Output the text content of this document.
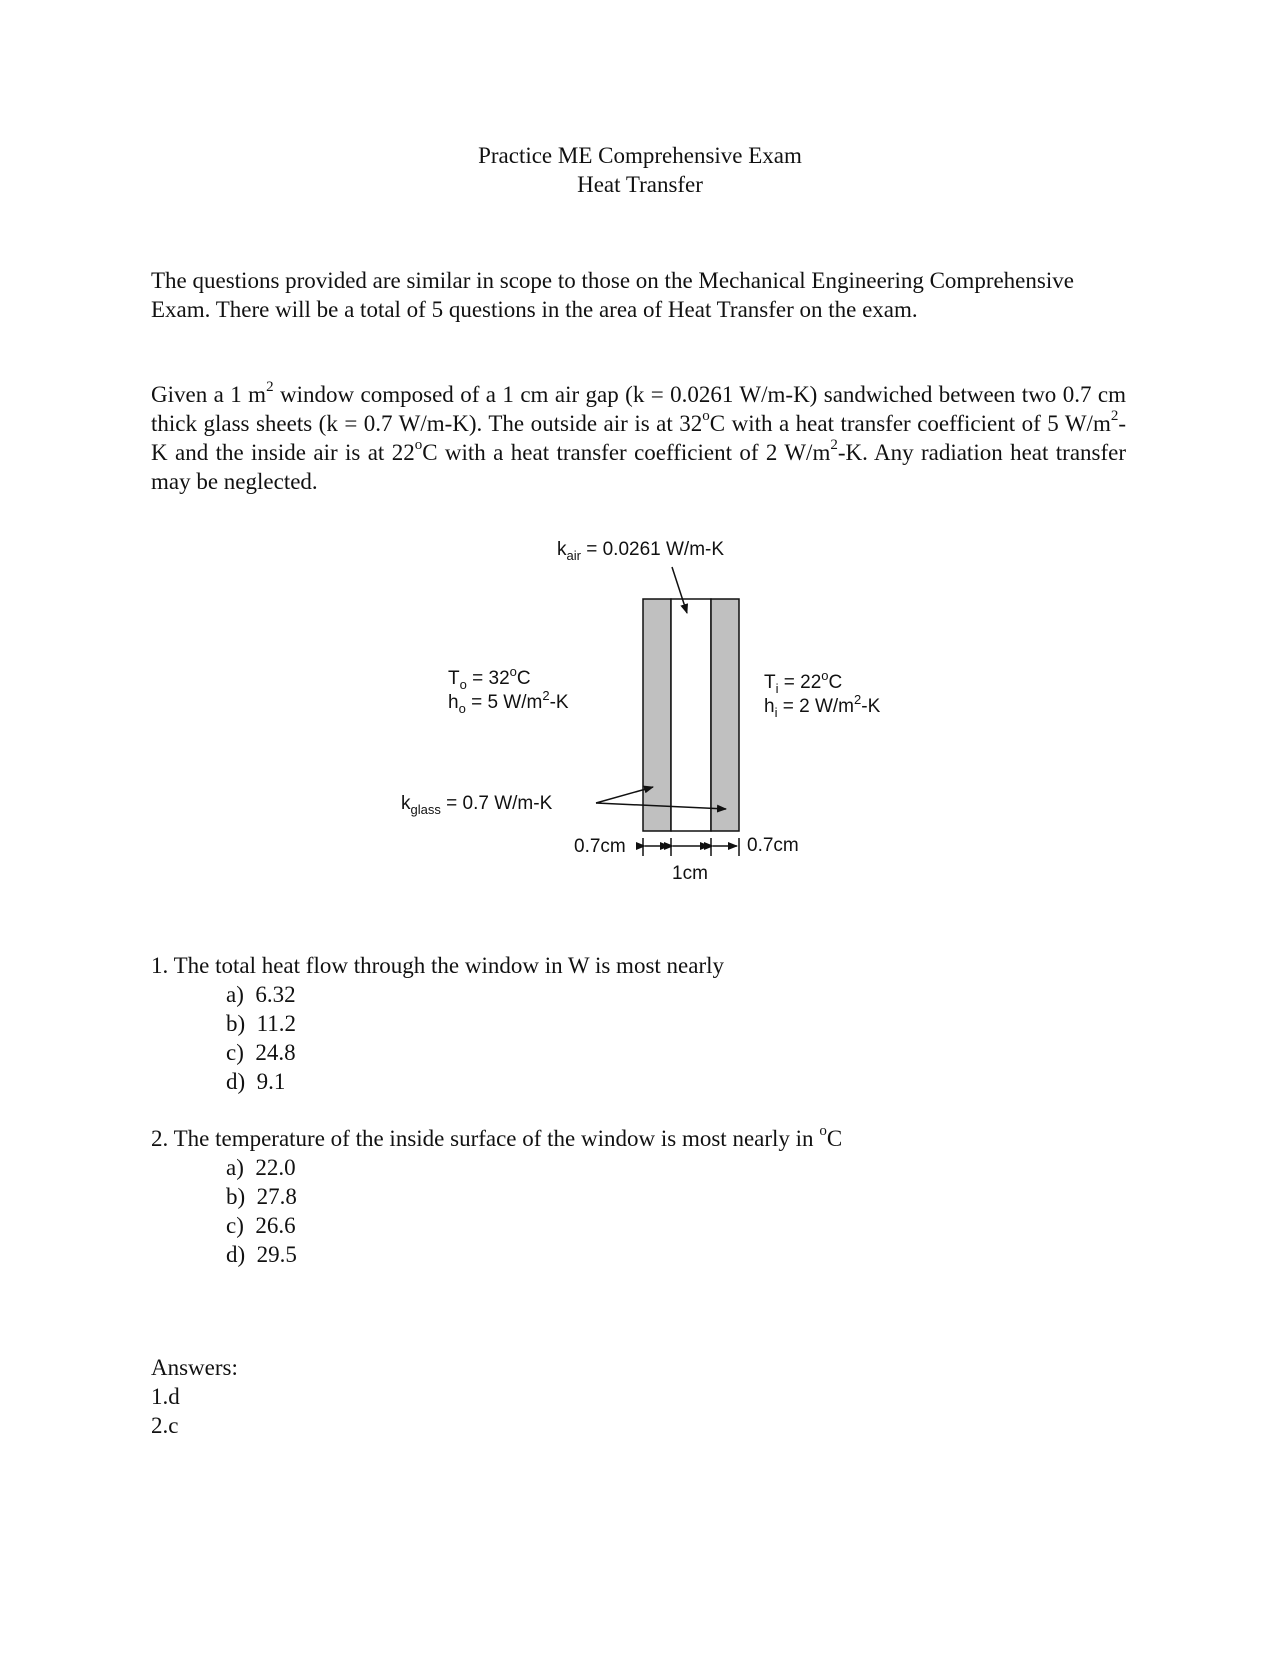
Practice ME Comprehensive Exam
Heat Transfer

The questions provided are similar in scope to those on the Mechanical Engineering Comprehensive Exam. There will be a total of 5 questions in the area of Heat Transfer on the exam.

Given a 1 $m^2$ window composed of a 1 cm air gap (k = 0.0261 W/m-K) sandwiched between two 0.7 cm thick glass sheets (k = 0.7 W/m-K). The outside air is at 32$^o$C with a heat transfer coefficient of 5 $W/m^2-K$ and the inside air is at 22$^o$C with a heat transfer coefficient of 2 $W/m^2-K$. Any radiation heat transfer may be neglected.

$k_{air} = 0.0261$ W/m-K
$T_o = 32^oC$
$h_o = 5$ $W/m^2-K$
$T_i = 22^oC$
$h_i = 2$ $W/m^2-K$
$k_{glass} = 0.7$ W/m-K
0.7cm	0.7cm
1cm
1. The total heat flow through the window in W is most nearly
a)  6.32
b)  11.2
c)  24.8
d)  9.1
2. The temperature of the inside surface of the window is most nearly in $^o$C
a)  22.0
b)  27.8
c)  26.6
d)  29.5
Answers:
1.d
2.c
